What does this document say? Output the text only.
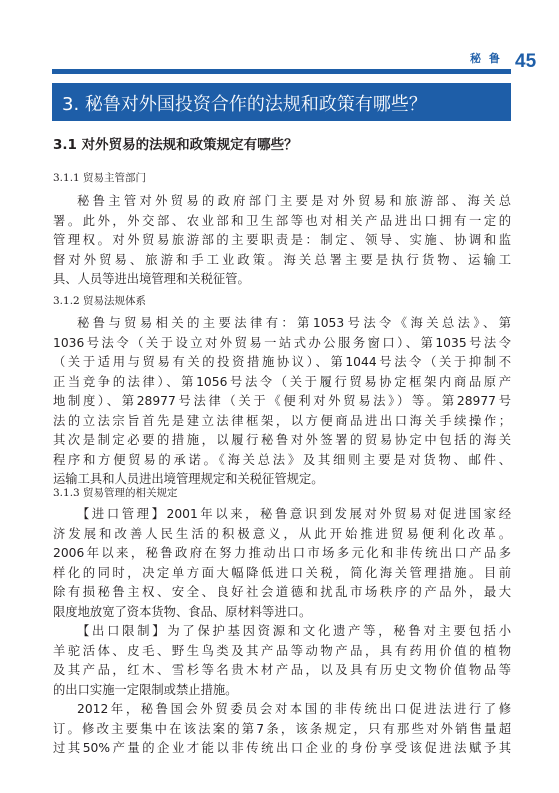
秘 鲁 45
3. 秘鲁对外国投资合作的法规和政策有哪些？
3.1 对外贸易的法规和政策规定有哪些？
3.1.1 贸易主管部门
秘鲁主管对外贸易的政府部门主要是对外贸易和旅游部、海关总
署。此外，外交部、农业部和卫生部等也对相关产品进出口拥有一定的
管理权。对外贸易旅游部的主要职责是：制定、领导、实施、协调和监
督对外贸易、旅游和手工业政策。海关总署主要是执行货物、运输工
具、人员等进出境管理和关税征管。
3.1.2 贸易法规体系
秘鲁与贸易相关的主要法律有：第1053号法令《海关总法》、第
1036号法令（关于设立对外贸易一站式办公服务窗口）、第1035号法令
（关于适用与贸易有关的投资措施协议）、第1044号法令（关于抑制不
正当竞争的法律）、第1056号法令（关于履行贸易协定框架内商品原产
地制度）、第28977号法律（关于《便利对外贸易法》）等。第28977号
法的立法宗旨首先是建立法律框架，以方便商品进出口海关手续操作；
其次是制定必要的措施，以履行秘鲁对外签署的贸易协定中包括的海关
程序和方便贸易的承诺。《海关总法》及其细则主要是对货物、邮件、
运输工具和人员进出境管理规定和关税征管规定。
3.1.3 贸易管理的相关规定
【进口管理】2001年以来，秘鲁意识到发展对外贸易对促进国家经
济发展和改善人民生活的积极意义，从此开始推进贸易便利化改革。
2006年以来，秘鲁政府在努力推动出口市场多元化和非传统出口产品多
样化的同时，决定单方面大幅降低进口关税，简化海关管理措施。目前
除有损秘鲁主权、安全、良好社会道德和扰乱市场秩序的产品外，最大
限度地放宽了资本货物、食品、原材料等进口。
【出口限制】为了保护基因资源和文化遗产等，秘鲁对主要包括小
羊驼活体、皮毛、野生鸟类及其产品等动物产品，具有药用价值的植物
及其产品，红木、雪杉等名贵木材产品，以及具有历史文物价值物品等
的出口实施一定限制或禁止措施。
2012年，秘鲁国会外贸委员会对本国的非传统出口促进法进行了修
订。修改主要集中在该法案的第7条，该条规定，只有那些对外销售量超
过其50%产量的企业才能以非传统出口企业的身份享受该促进法赋予其
